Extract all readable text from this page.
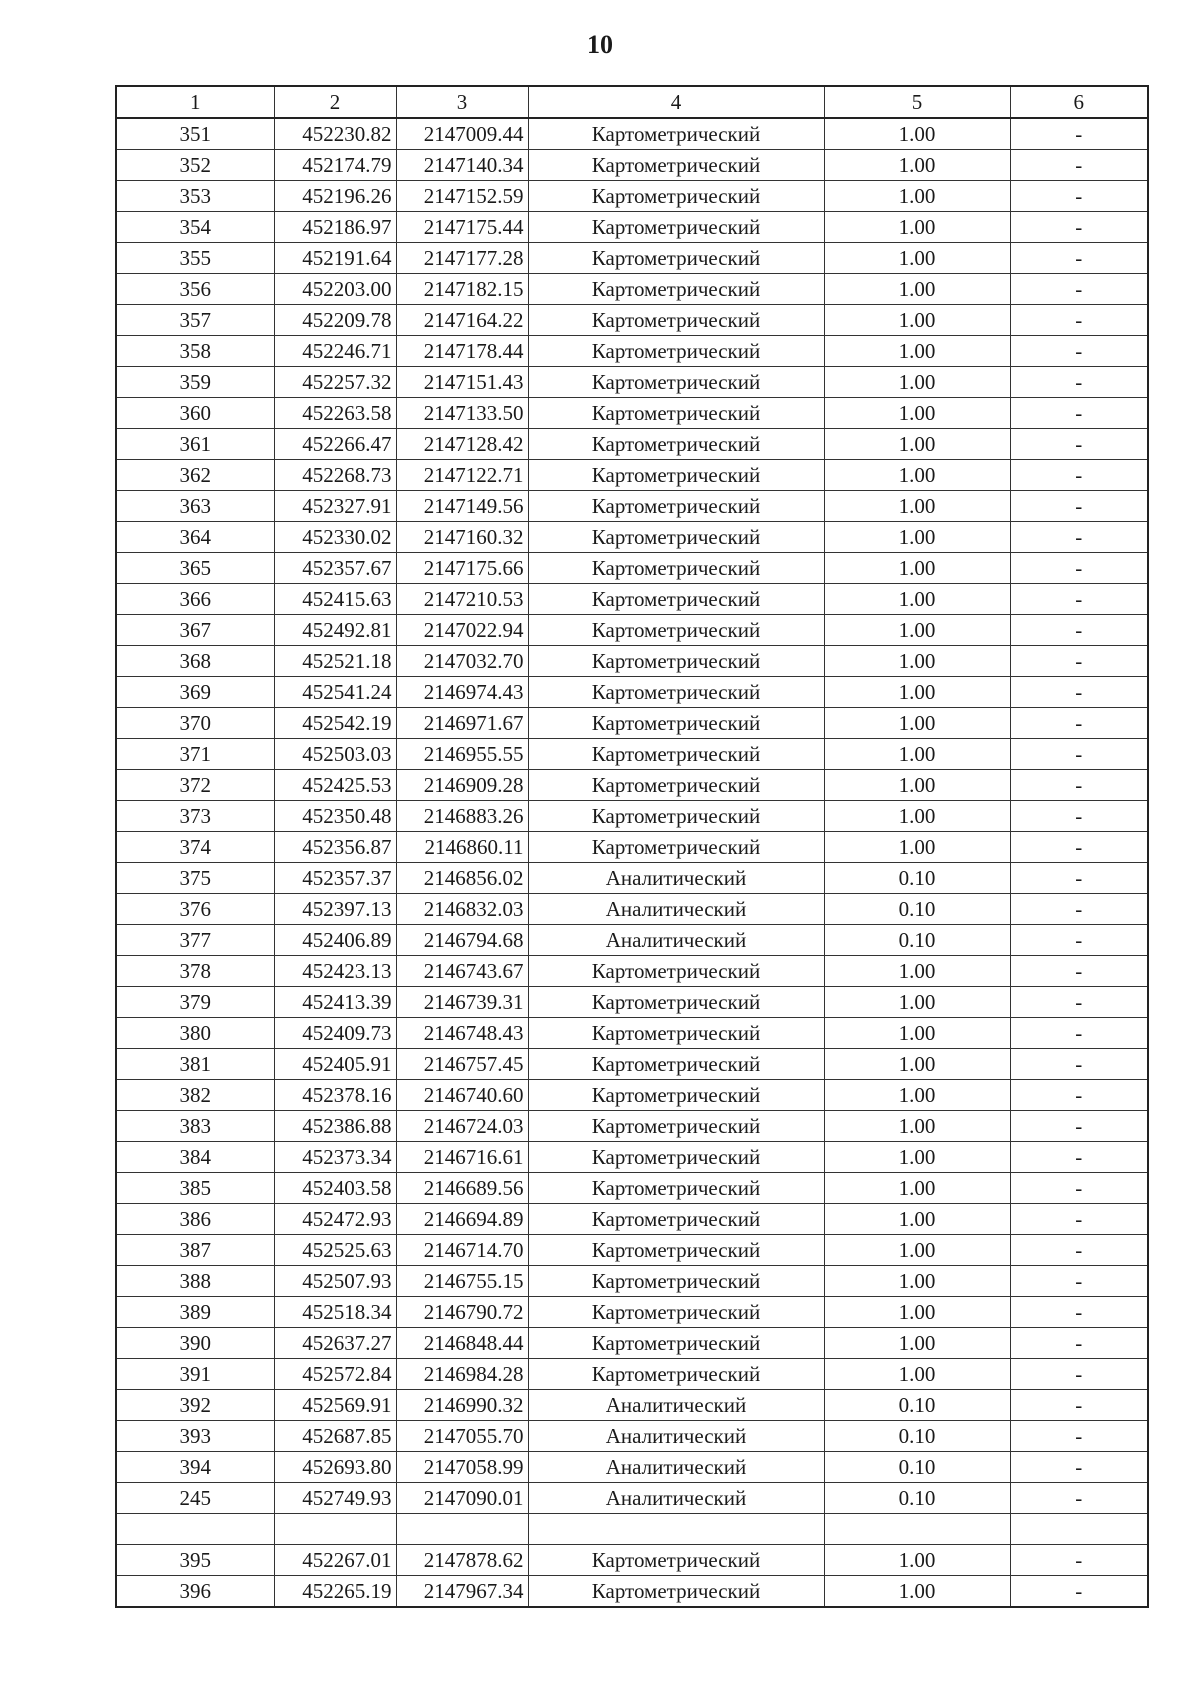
10
1	2	3	4	5	6
351	452230.82	2147009.44	Картометрический	1.00	-
352	452174.79	2147140.34	Картометрический	1.00	-
353	452196.26	2147152.59	Картометрический	1.00	-
354	452186.97	2147175.44	Картометрический	1.00	-
355	452191.64	2147177.28	Картометрический	1.00	-
356	452203.00	2147182.15	Картометрический	1.00	-
357	452209.78	2147164.22	Картометрический	1.00	-
358	452246.71	2147178.44	Картометрический	1.00	-
359	452257.32	2147151.43	Картометрический	1.00	-
360	452263.58	2147133.50	Картометрический	1.00	-
361	452266.47	2147128.42	Картометрический	1.00	-
362	452268.73	2147122.71	Картометрический	1.00	-
363	452327.91	2147149.56	Картометрический	1.00	-
364	452330.02	2147160.32	Картометрический	1.00	-
365	452357.67	2147175.66	Картометрический	1.00	-
366	452415.63	2147210.53	Картометрический	1.00	-
367	452492.81	2147022.94	Картометрический	1.00	-
368	452521.18	2147032.70	Картометрический	1.00	-
369	452541.24	2146974.43	Картометрический	1.00	-
370	452542.19	2146971.67	Картометрический	1.00	-
371	452503.03	2146955.55	Картометрический	1.00	-
372	452425.53	2146909.28	Картометрический	1.00	-
373	452350.48	2146883.26	Картометрический	1.00	-
374	452356.87	2146860.11	Картометрический	1.00	-
375	452357.37	2146856.02	Аналитический	0.10	-
376	452397.13	2146832.03	Аналитический	0.10	-
377	452406.89	2146794.68	Аналитический	0.10	-
378	452423.13	2146743.67	Картометрический	1.00	-
379	452413.39	2146739.31	Картометрический	1.00	-
380	452409.73	2146748.43	Картометрический	1.00	-
381	452405.91	2146757.45	Картометрический	1.00	-
382	452378.16	2146740.60	Картометрический	1.00	-
383	452386.88	2146724.03	Картометрический	1.00	-
384	452373.34	2146716.61	Картометрический	1.00	-
385	452403.58	2146689.56	Картометрический	1.00	-
386	452472.93	2146694.89	Картометрический	1.00	-
387	452525.63	2146714.70	Картометрический	1.00	-
388	452507.93	2146755.15	Картометрический	1.00	-
389	452518.34	2146790.72	Картометрический	1.00	-
390	452637.27	2146848.44	Картометрический	1.00	-
391	452572.84	2146984.28	Картометрический	1.00	-
392	452569.91	2146990.32	Аналитический	0.10	-
393	452687.85	2147055.70	Аналитический	0.10	-
394	452693.80	2147058.99	Аналитический	0.10	-
245	452749.93	2147090.01	Аналитический	0.10	-

395	452267.01	2147878.62	Картометрический	1.00	-
396	452265.19	2147967.34	Картометрический	1.00	-
